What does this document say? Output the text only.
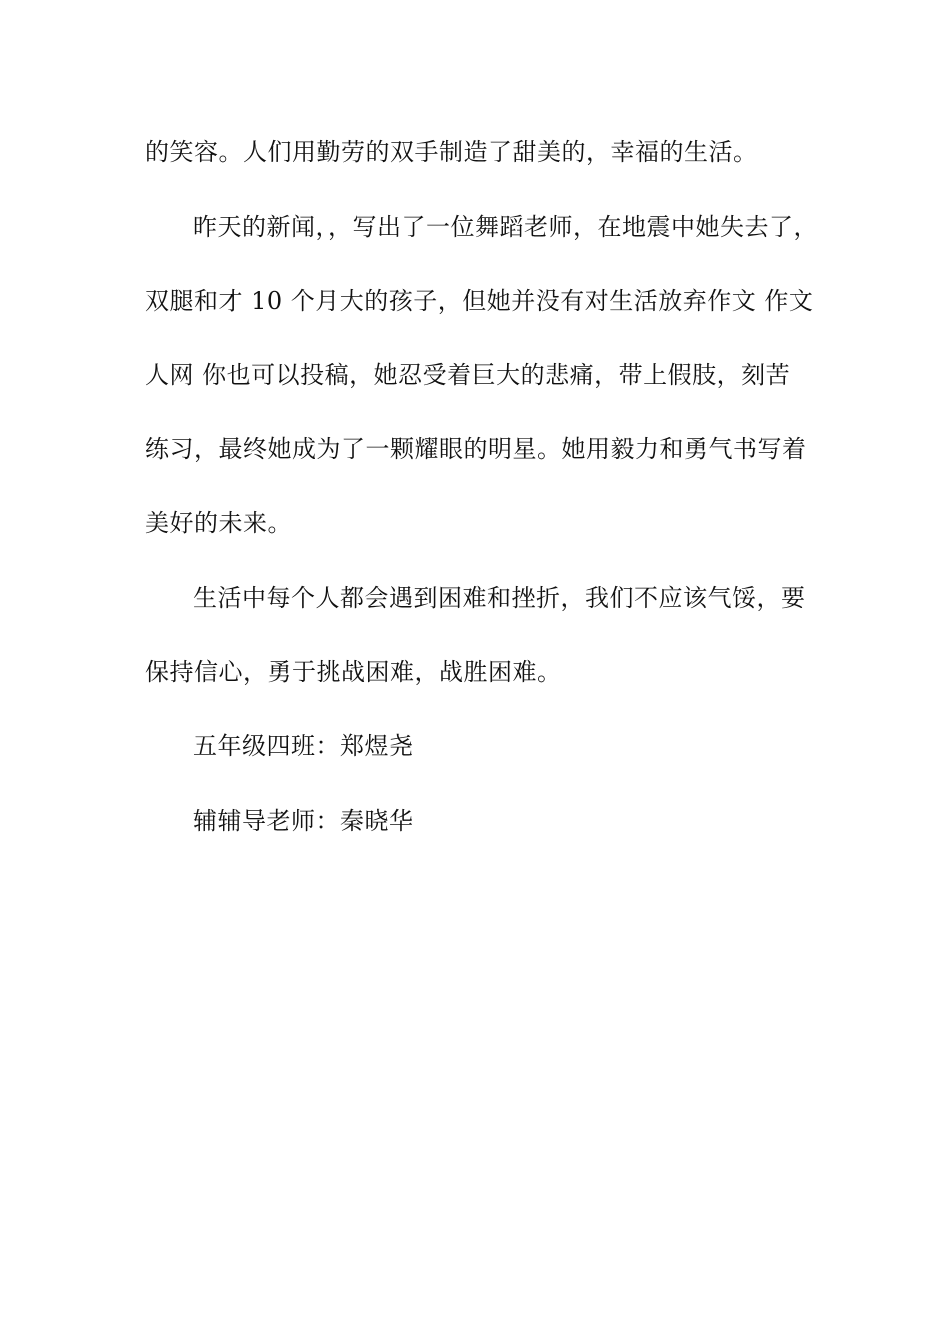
的笑容。人们用勤劳的双手制造了甜美的，幸福的生活。
昨天的新闻，，写出了一位舞蹈老师，在地震中她失去了，
双腿和才 10 个月大的孩子，但她并没有对生活放弃作文 作文
人网 你也可以投稿，她忍受着巨大的悲痛，带上假肢，刻苦
练习，最终她成为了一颗耀眼的明星。她用毅力和勇气书写着
美好的未来。
生活中每个人都会遇到困难和挫折，我们不应该气馁，要
保持信心，勇于挑战困难，战胜困难。
五年级四班：郑煜尧
辅辅导老师：秦晓华
